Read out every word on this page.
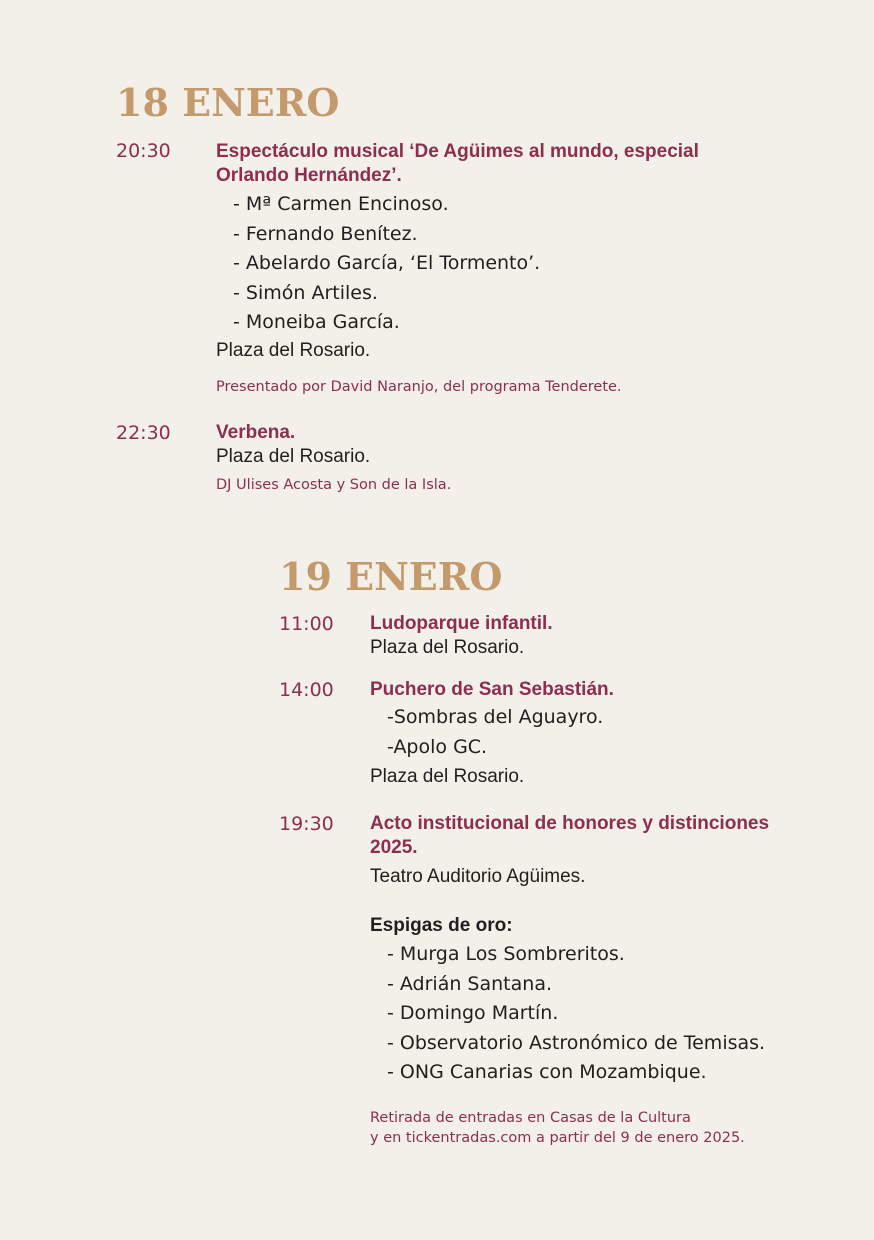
18 ENERO
20:30 Espectáculo musical ‘De Agüimes al mundo, especial
Orlando Hernández’.

- Mª Carmen Encinoso.
- Fernando Benítez.
- Abelardo García, ‘El Tormento’.
- Simón Artiles.
- Moneiba García.

Plaza del Rosario.

Presentado por David Naranjo, del programa Tenderete.

22:30 Verbena.

Plaza del Rosario.

DJ Ulises Acosta y Son de la Isla.

19 ENERO
11:00 Ludoparque infantil.

Plaza del Rosario.

14:00 Puchero de San Sebastián.

-Sombras del Aguayro.
-Apolo GC.

Plaza del Rosario.

19:30 Acto institucional de honores y distinciones
2025.

Teatro Auditorio Agüimes.

Espigas de oro:

- Murga Los Sombreritos.
- Adrián Santana.
- Domingo Martín.
- Observatorio Astronómico de Temisas.
- ONG Canarias con Mozambique.

Retirada de entradas en Casas de la Cultura
y en tickentradas.com a partir del 9 de enero 2025.
